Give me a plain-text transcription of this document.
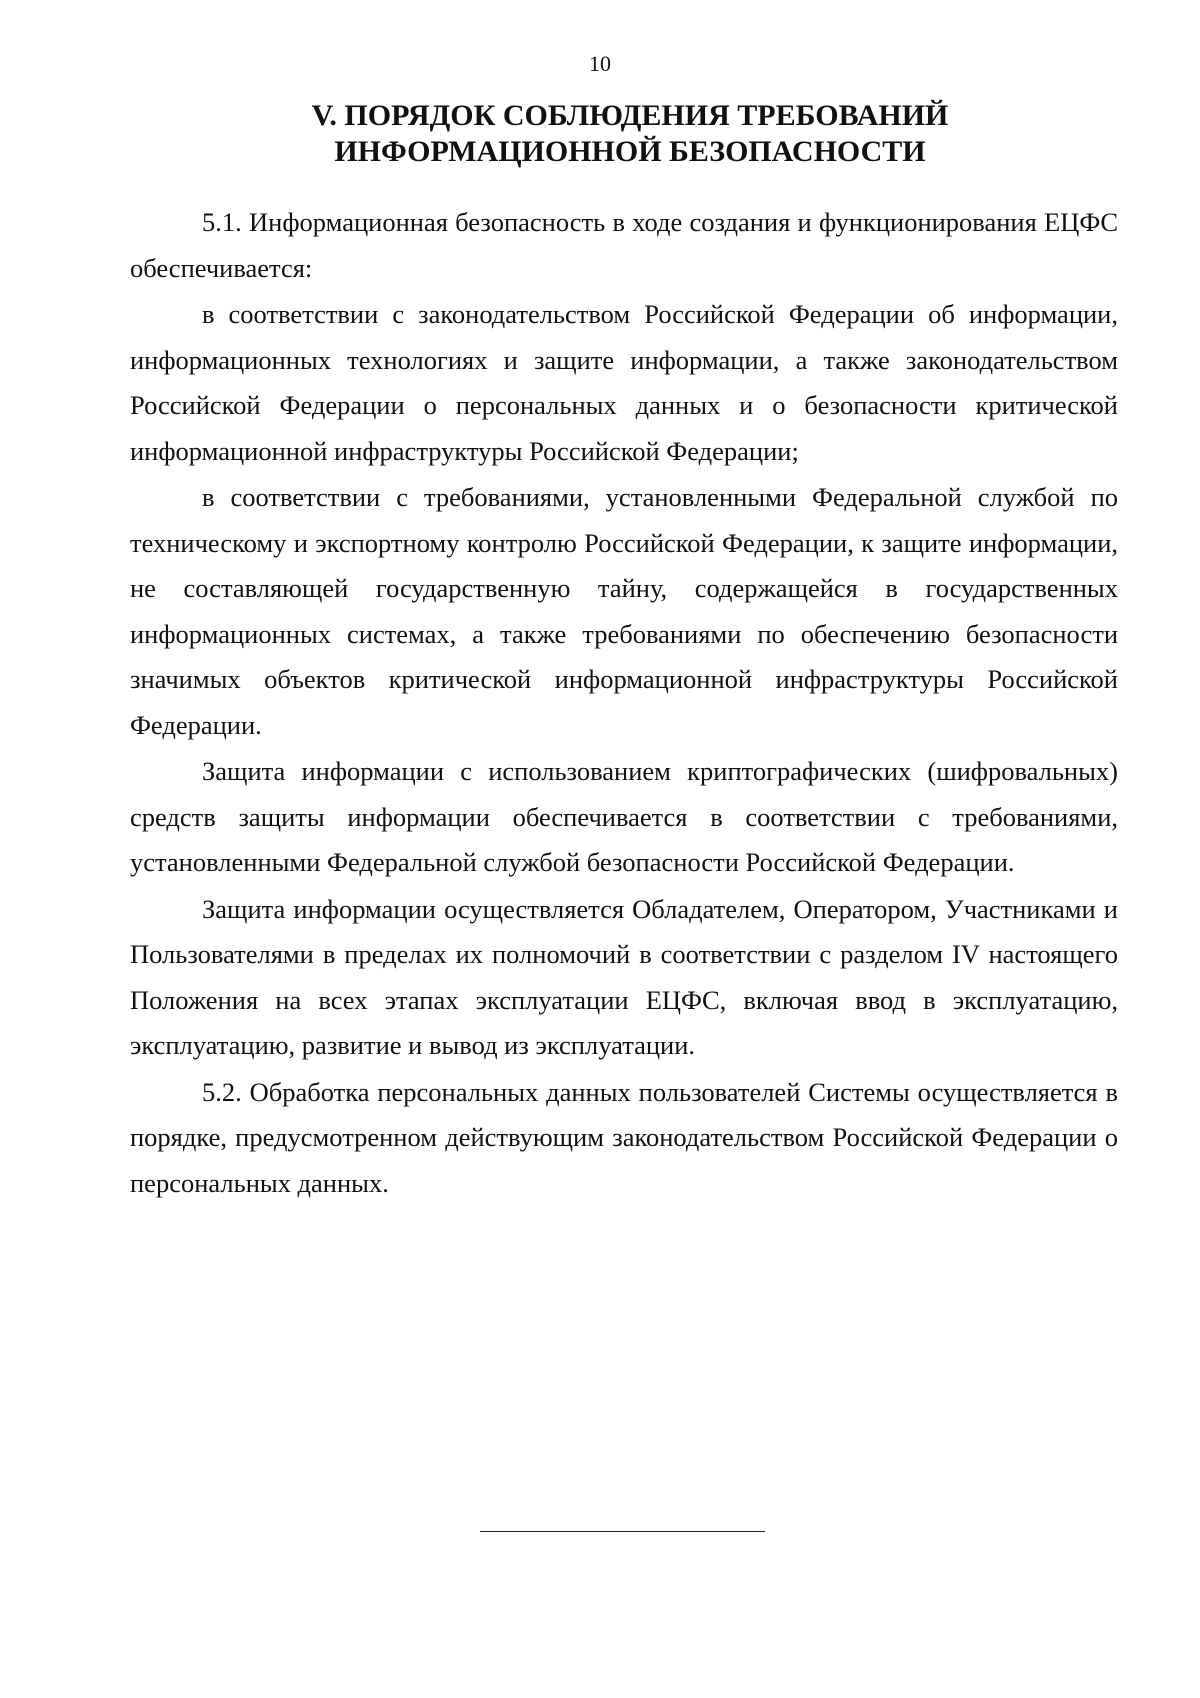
10
V. ПОРЯДОК СОБЛЮДЕНИЯ ТРЕБОВАНИЙ
ИНФОРМАЦИОННОЙ БЕЗОПАСНОСТИ

5.1. Информационная безопасность в ходе создания и функционирования ЕЦФС обеспечивается:

в соответствии с законодательством Российской Федерации об информации, информационных технологиях и защите информации, а также законодательством Российской Федерации о персональных данных и о безопасности критической информационной инфраструктуры Российской Федерации;

в соответствии с требованиями, установленными Федеральной службой по техническому и экспортному контролю Российской Федерации, к защите информации, не составляющей государственную тайну, содержащейся в государственных информационных системах, а также требованиями по обеспечению безопасности значимых объектов критической информационной инфраструктуры Российской Федерации.

Защита информации с использованием криптографических (шифровальных) средств защиты информации обеспечивается в соответствии с требованиями, установленными Федеральной службой безопасности Российской Федерации.

Защита информации осуществляется Обладателем, Оператором, Участниками и Пользователями в пределах их полномочий в соответствии с разделом IV настоящего Положения на всех этапах эксплуатации ЕЦФС, включая ввод в эксплуатацию, эксплуатацию, развитие и вывод из эксплуатации.

5.2. Обработка персональных данных пользователей Системы осуществляется в порядке, предусмотренном действующим законодательством Российской Федерации о персональных данных.
